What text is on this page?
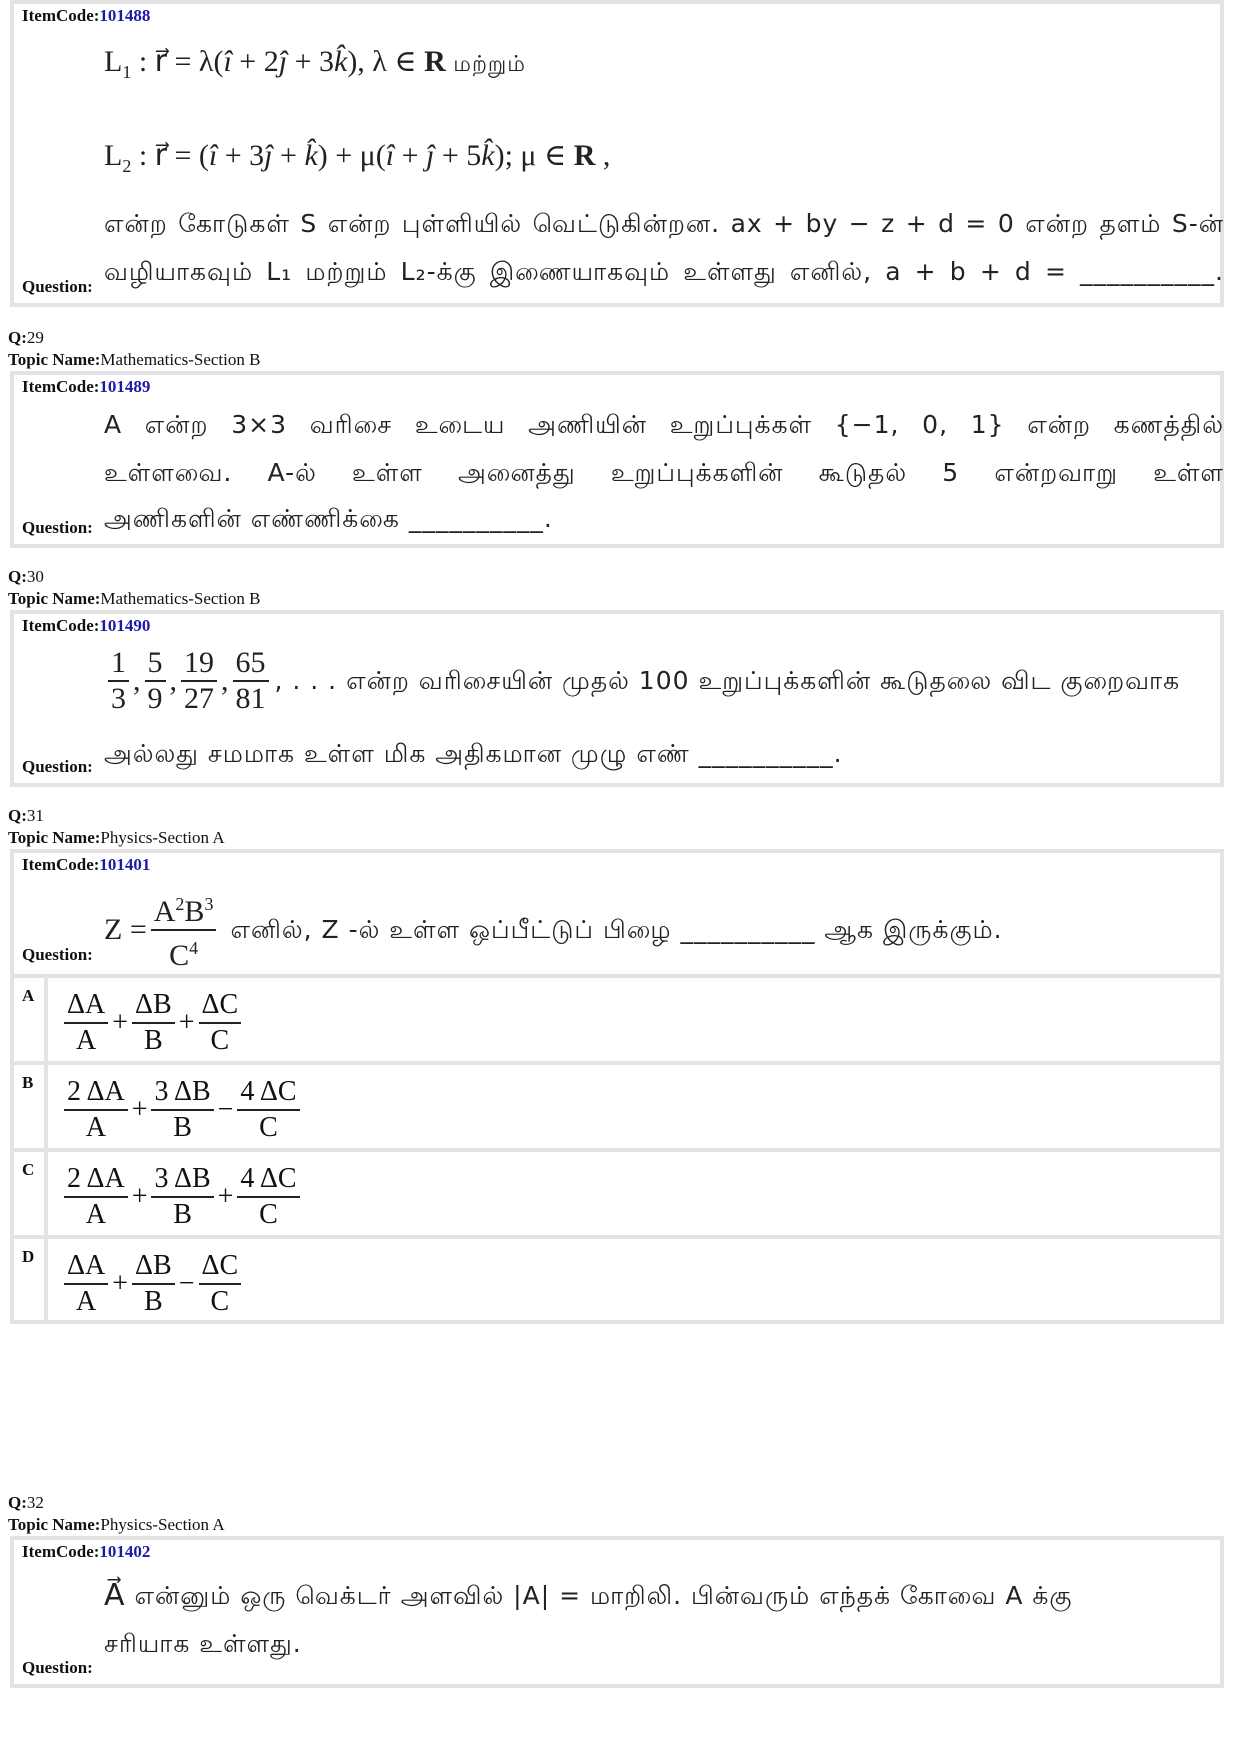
ItemCode:101488
$L_1$ : r⃗ = λ(î + 2ĵ + 3k̂), λ ∈ R மற்றும்
$L_2$ : r⃗ = (î + 3ĵ + k̂) + μ(î + ĵ + 5k̂); μ ∈ R ,
என்ற கோடுகள் S என்ற புள்ளியில் வெட்டுகின்றன. ax + by − z + d = 0 என்ற தளம் S-ன்
வழியாகவும் L₁ மற்றும் L₂-க்கு இணையாகவும் உள்ளது எனில், a + b + d = __________.
Question:
Q:29
Topic Name:Mathematics-Section B
ItemCode:101489
A என்ற 3×3 வரிசை உடைய அணியின் உறுப்புக்கள் {−1, 0, 1} என்ற கணத்தில்
உள்ளவை. A-ல் உள்ள அனைத்து உறுப்புக்களின் கூடுதல் 5 என்றவாறு உள்ள
அணிகளின் எண்ணிக்கை __________.
Question:
Q:30
Topic Name:Mathematics-Section B
ItemCode:101490
$\frac{1}{3}$ , $\frac{5}{9}$ , $\frac{19}{27}$ , $\frac{65}{81}$ , . . . என்ற வரிசையின் முதல் 100 உறுப்புக்களின் கூடுதலை விட குறைவாக
அல்லது சமமாக உள்ள மிக அதிகமான முழு எண் __________.
Question:
Q:31
Topic Name:Physics-Section A
ItemCode:101401
$Z = \frac{A^2B^3}{C^4}$ எனில், Z -ல் உள்ள ஒப்பீட்டுப் பிழை __________ ஆக இருக்கும்.
Question:
A $\frac{\Delta A}{A} + \frac{\Delta B}{B} + \frac{\Delta C}{C}$
B $\frac{2 \Delta A}{A} + \frac{3 \Delta B}{B} - \frac{4 \Delta C}{C}$
C $\frac{2 \Delta A}{A} + \frac{3 \Delta B}{B} + \frac{4 \Delta C}{C}$
D $\frac{\Delta A}{A} + \frac{\Delta B}{B} - \frac{\Delta C}{C}$
Q:32
Topic Name:Physics-Section A
ItemCode:101402
A⃗ என்னும் ஒரு வெக்டர் அளவில் |A| = மாறிலி. பின்வரும் எந்தக் கோவை A க்கு
சரியாக உள்ளது.
Question:
